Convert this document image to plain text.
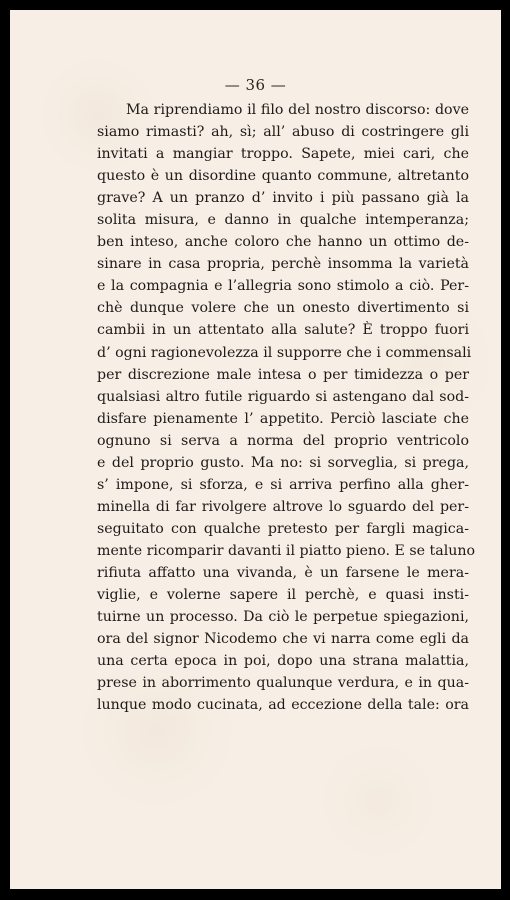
— 36 —
Ma riprendiamo il filo del nostro discorso: dove
siamo rimasti? ah, sì; all’ abuso di costringere gli
invitati a mangiar troppo. Sapete, miei cari, che
questo è un disordine quanto commune, altretanto
grave? A un pranzo d’ invito i più passano già la
solita misura, e danno in qualche intemperanza;
ben inteso, anche coloro che hanno un ottimo de-
sinare in casa propria, perchè insomma la varietà
e la compagnia e l’allegria sono stimolo a ciò. Per-
chè dunque volere che un onesto divertimento si
cambii in un attentato alla salute? È troppo fuori
d’ ogni ragionevolezza il supporre che i commensali
per discrezione male intesa o per timidezza o per
qualsiasi altro futile riguardo si astengano dal sod-
disfare pienamente l’ appetito. Perciò lasciate che
ognuno si serva a norma del proprio ventricolo
e del proprio gusto. Ma no: si sorveglia, si prega,
s’ impone, si sforza, e si arriva perfino alla gher-
minella di far rivolgere altrove lo sguardo del per-
seguitato con qualche pretesto per fargli magica-
mente ricomparir davanti il piatto pieno. E se taluno
rifiuta affatto una vivanda, è un farsene le mera-
viglie, e volerne sapere il perchè, e quasi insti-
tuirne un processo. Da ciò le perpetue spiegazioni,
ora del signor Nicodemo che vi narra come egli da
una certa epoca in poi, dopo una strana malattia,
prese in aborrimento qualunque verdura, e in qua-
lunque modo cucinata, ad eccezione della tale: ora
